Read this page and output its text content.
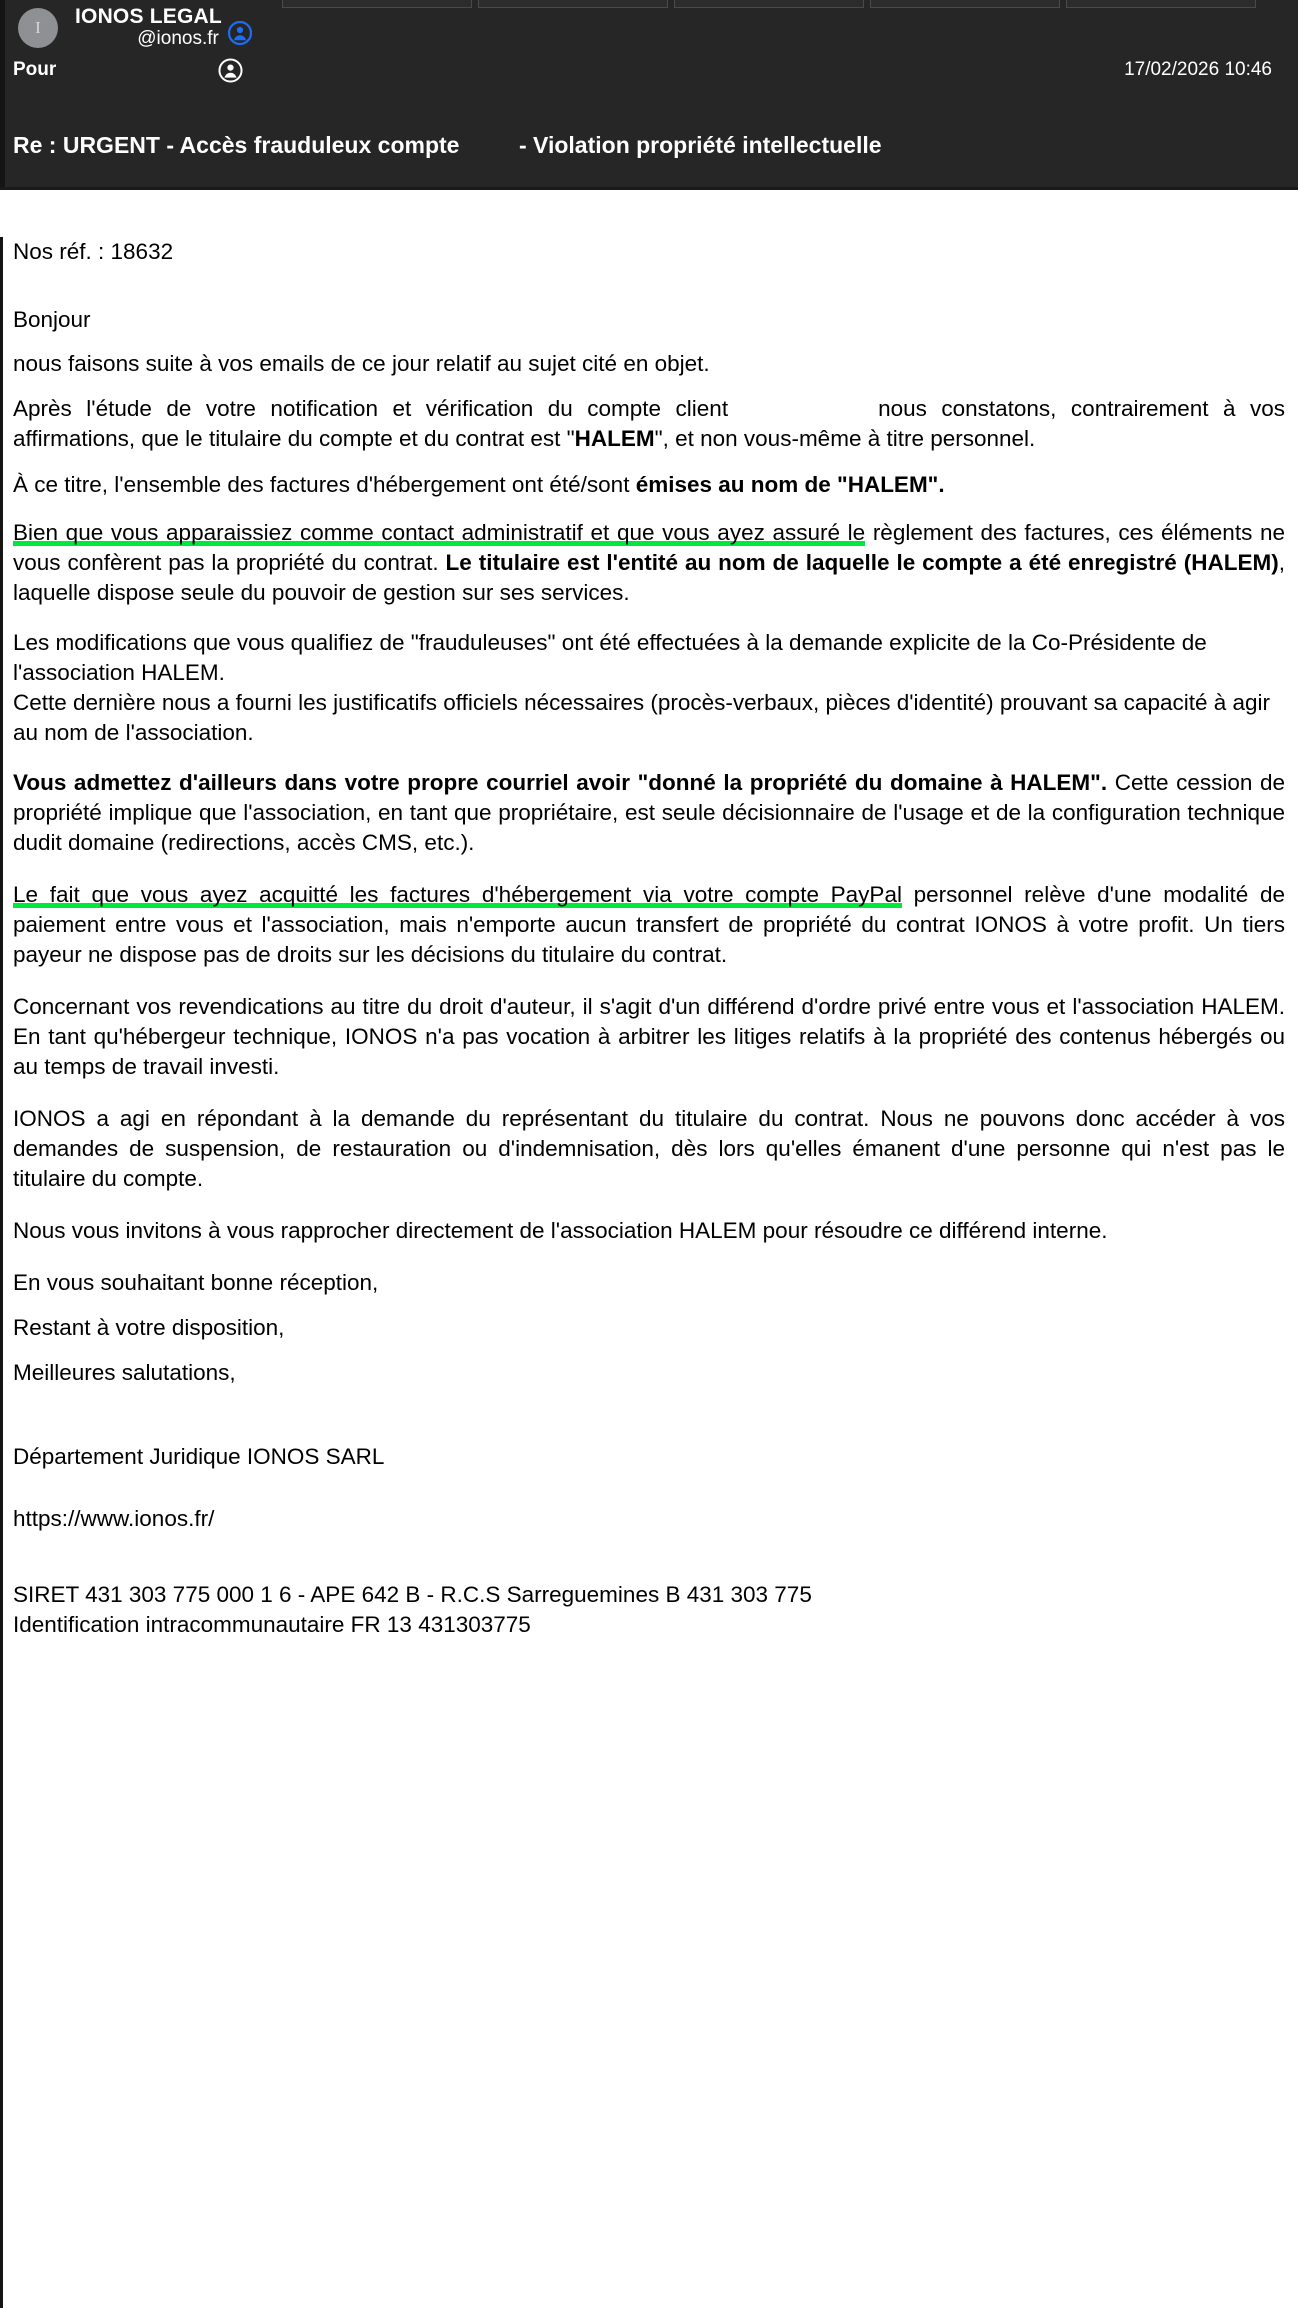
I	IONOS LEGAL
@ionos.fr
Pour	17/02/2026 10:46
Re : URGENT - Accès frauduleux compte	- Violation propriété intellectuelle

Nos réf. : 18632

Bonjour

nous faisons suite à vos emails de ce jour relatif au sujet cité en objet.

Après l'étude de votre notification et vérification du compte client	nous constatons, contrairement à vos affirmations, que le titulaire du compte et du contrat est "HALEM", et non vous-même à titre personnel.

À ce titre, l'ensemble des factures d'hébergement ont été/sont émises au nom de "HALEM".

Bien que vous apparaissiez comme contact administratif et que vous ayez assuré le règlement des factures, ces éléments ne vous confèrent pas la propriété du contrat. Le titulaire est l'entité au nom de laquelle le compte a été enregistré (HALEM), laquelle dispose seule du pouvoir de gestion sur ses services.

Les modifications que vous qualifiez de "frauduleuses" ont été effectuées à la demande explicite de la Co-Présidente de l'association HALEM.

Cette dernière nous a fourni les justificatifs officiels nécessaires (procès-verbaux, pièces d'identité) prouvant sa capacité à agir au nom de l'association.

Vous admettez d'ailleurs dans votre propre courriel avoir "donné la propriété du domaine à HALEM". Cette cession de propriété implique que l'association, en tant que propriétaire, est seule décisionnaire de l'usage et de la configuration technique dudit domaine (redirections, accès CMS, etc.).

Le fait que vous ayez acquitté les factures d'hébergement via votre compte PayPal personnel relève d'une modalité de paiement entre vous et l'association, mais n'emporte aucun transfert de propriété du contrat IONOS à votre profit. Un tiers payeur ne dispose pas de droits sur les décisions du titulaire du contrat.

Concernant vos revendications au titre du droit d'auteur, il s'agit d'un différend d'ordre privé entre vous et l'association HALEM. En tant qu'hébergeur technique, IONOS n'a pas vocation à arbitrer les litiges relatifs à la propriété des contenus hébergés ou au temps de travail investi.

IONOS a agi en répondant à la demande du représentant du titulaire du contrat. Nous ne pouvons donc accéder à vos demandes de suspension, de restauration ou d'indemnisation, dès lors qu'elles émanent d'une personne qui n'est pas le titulaire du compte.

Nous vous invitons à vous rapprocher directement de l'association HALEM pour résoudre ce différend interne.

En vous souhaitant bonne réception,

Restant à votre disposition,

Meilleures salutations,

Département Juridique IONOS SARL

https://www.ionos.fr/

SIRET 431 303 775 000 1 6 - APE 642 B - R.C.S Sarreguemines B 431 303 775
Identification intracommunautaire FR 13 431303775
